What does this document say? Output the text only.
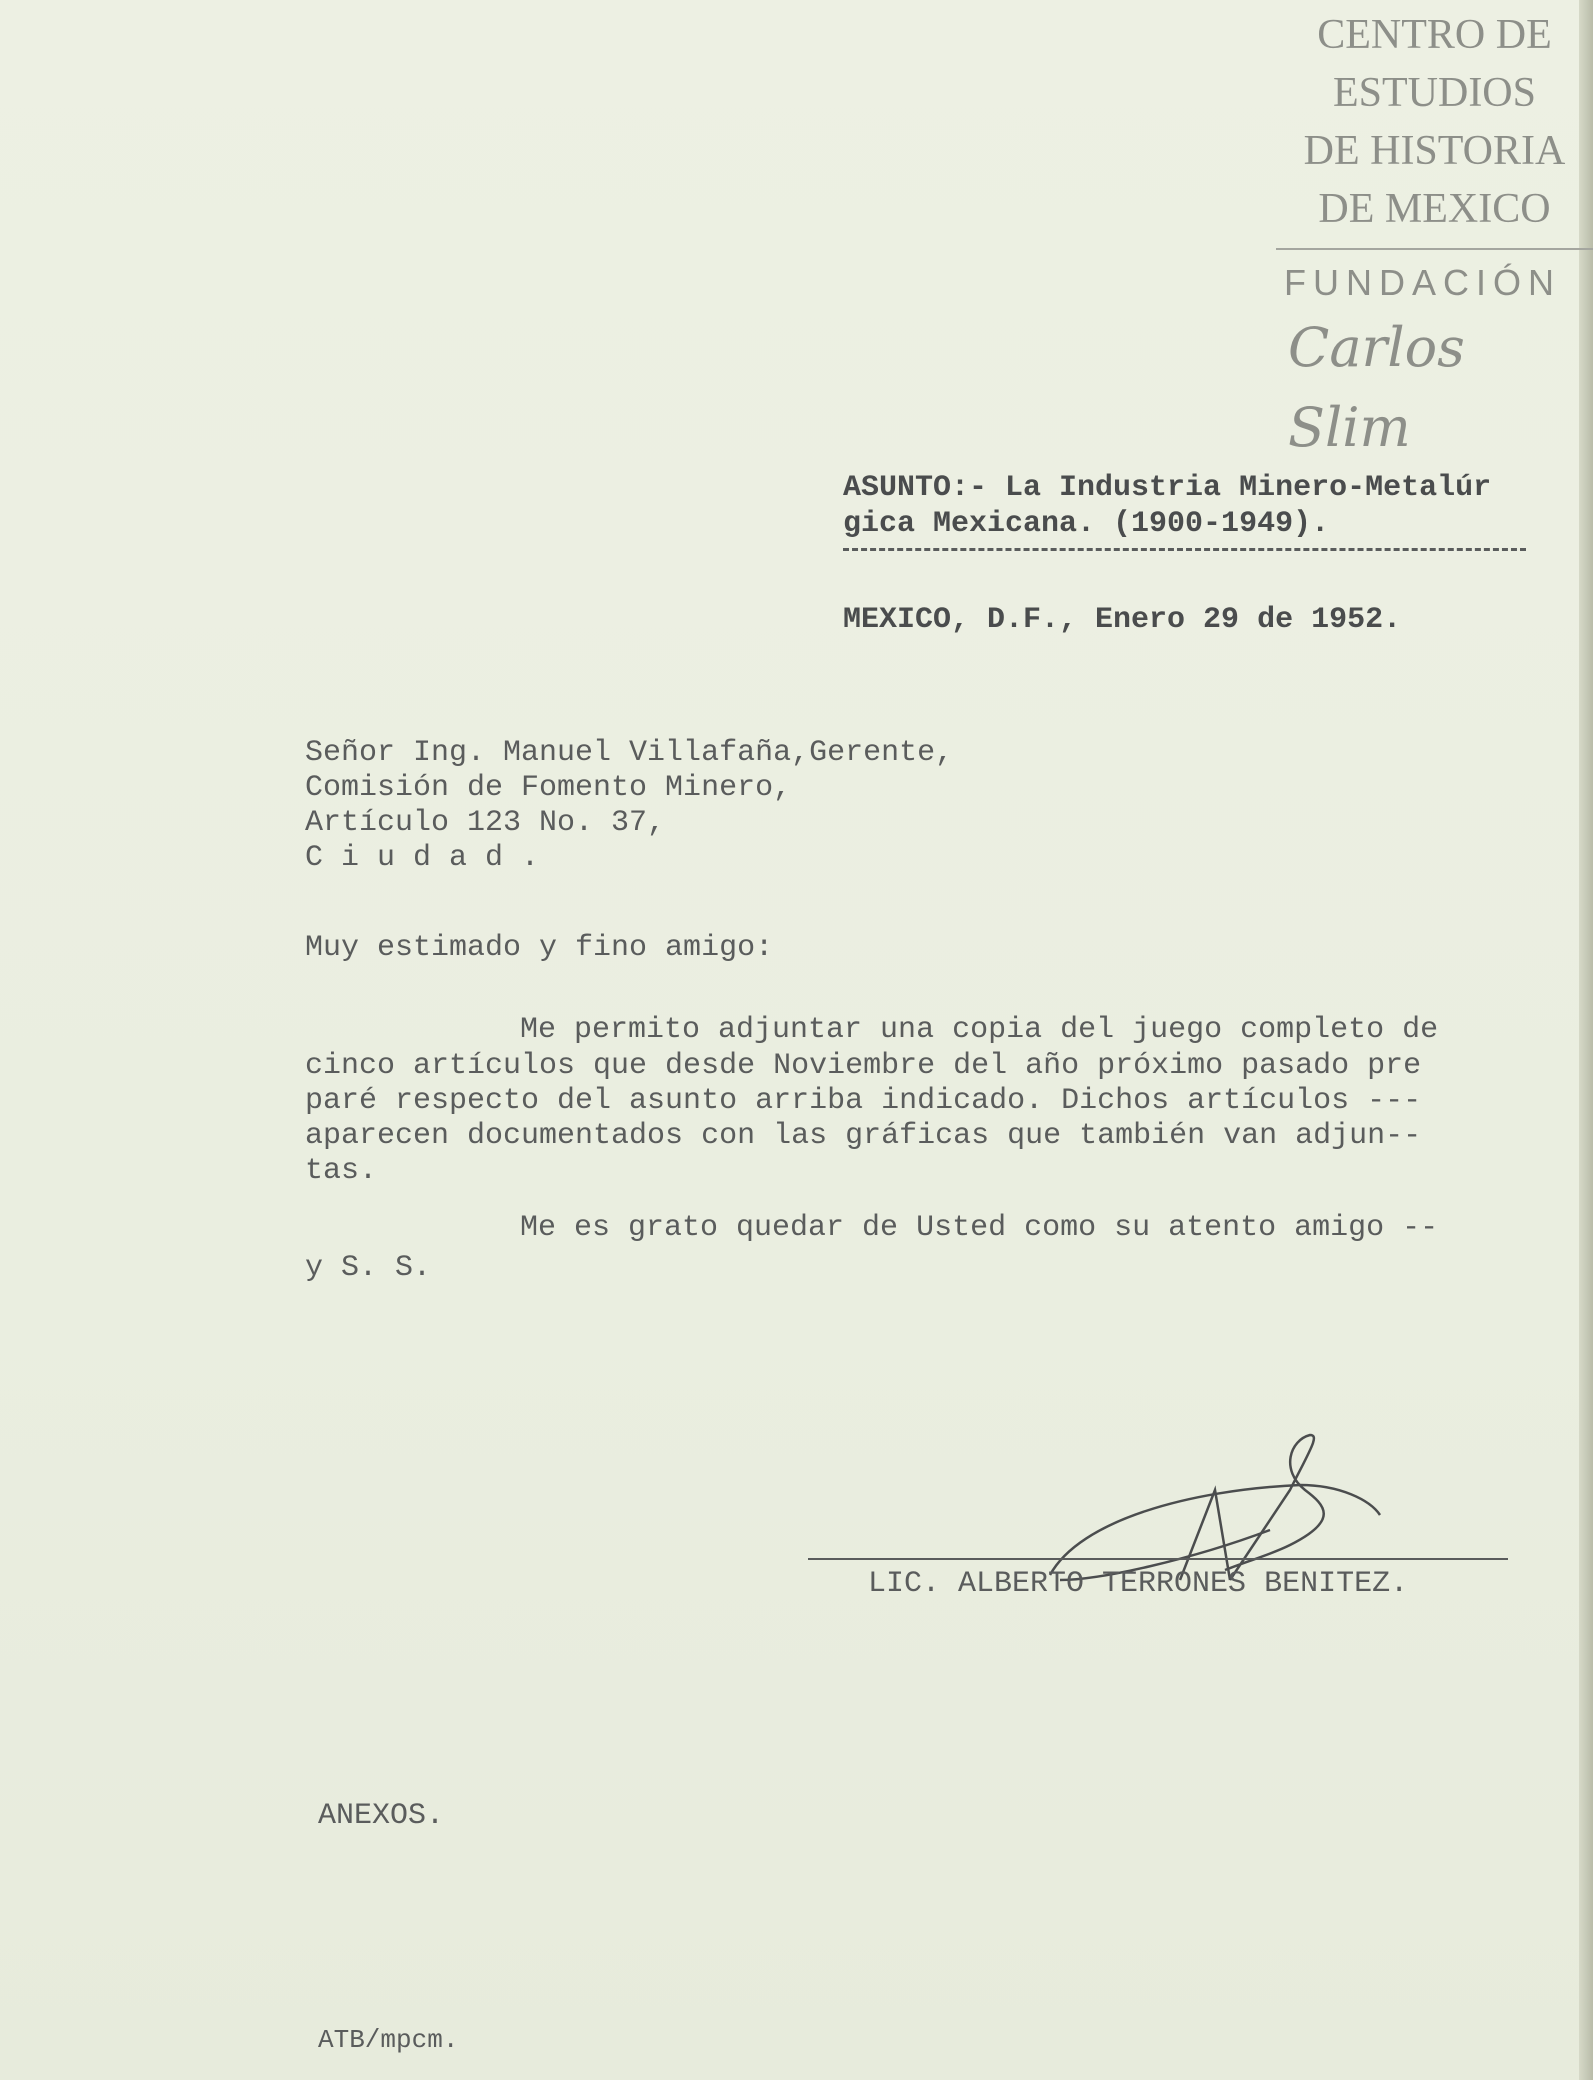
CENTRO DE
ESTUDIOS
DE HISTORIA
DE MEXICO
FUNDACIÓN
Carlos Slim

ASUNTO:- La Industria Minero-Metalúr

gica Mexicana. (1900-1949).

MEXICO, D.F., Enero 29 de 1952.

Señor Ing. Manuel Villafaña,Gerente,

Comisión de Fomento Minero,

Artículo 123 No. 37,

C i u d a d .

Muy estimado y fino amigo:

Me permito adjuntar una copia del juego completo de

cinco artículos que desde Noviembre del año próximo pasado pre

paré respecto del asunto arriba indicado. Dichos artículos ---

aparecen documentados con las gráficas que también van adjun--

tas.

Me es grato quedar de Usted como su atento amigo --

y S. S.

LIC. ALBERTO TERRONES BENITEZ.

ANEXOS.

ATB/mpcm.
